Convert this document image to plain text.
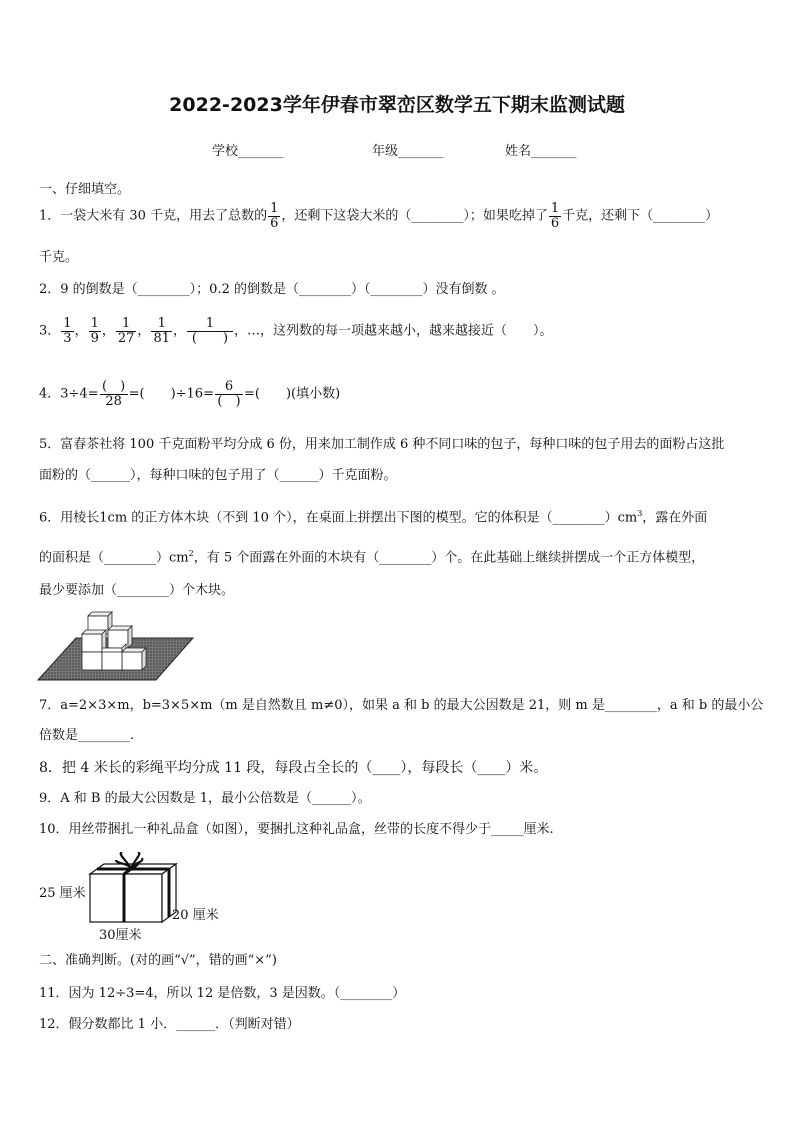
2022-2023学年伊春市翠峦区数学五下期末监测试题
学校_______	年级_______	姓名_______
一、仔细填空。
1．一袋大米有 30 千克，用去了总数的 $\frac{1}{6}$ ，还剩下这袋大米的（________）；如果吃掉了 $\frac{1}{6}$ 千克，还剩下（________）
千克。
2．9 的倒数是（________）；0.2 的倒数是（________）（________）没有倒数 。
3． $\frac{1}{3}$ ， $\frac{1}{9}$ ， $\frac{1}{27}$ ， $\frac{1}{81}$ ， $\frac{1}{( )}$ ，…，这列数的每一项越来越小，越来越接近（　　）。
4．$3\div 4= \frac{( )}{28}$ =(　　)$\div 16= \frac{6}{( )}$ =(　　)(填小数)
5．富春茶社将 100 千克面粉平均分成 6 份，用来加工制作成 6 种不同口味的包子，每种口味的包子用去的面粉占这批
面粉的（______），每种口味的包子用了（______）千克面粉。
6．用棱长1cm 的正方体木块（不到 10 个），在桌面上拼摆出下图的模型。它的体积是$(\_\_\_\_\_\_\_\_)cm^3$，露在外面
的面积是$(\_\_\_\_\_\_\_\_)cm^2$，有 5 个面露在外面的木块有（________）个。在此基础上继续拼摆成一个正方体模型，
最少要添加（________）个木块。
7．a=2×3×m，b=3×5×m（m 是自然数且 m≠0），如果 a 和 b 的最大公因数是 21，则 m 是________，a 和 b 的最小公
倍数是________.
8．把 4 米长的彩绳平均分成 11 段，每段占全长的（____），每段长（____）米。
9．A 和 B 的最大公因数是 1，最小公倍数是（______）。
10．用丝带捆扎一种礼品盒（如图），要捆扎这种礼品盒，丝带的长度不得少于_____厘米.
25 厘米
20 厘米
30厘米
二、准确判断。(对的画“√”，错的画“×”)
11．因为 12÷3=4，所以 12 是倍数，3 是因数。（________）
12．假分数都比 1 小．______．（判断对错）
